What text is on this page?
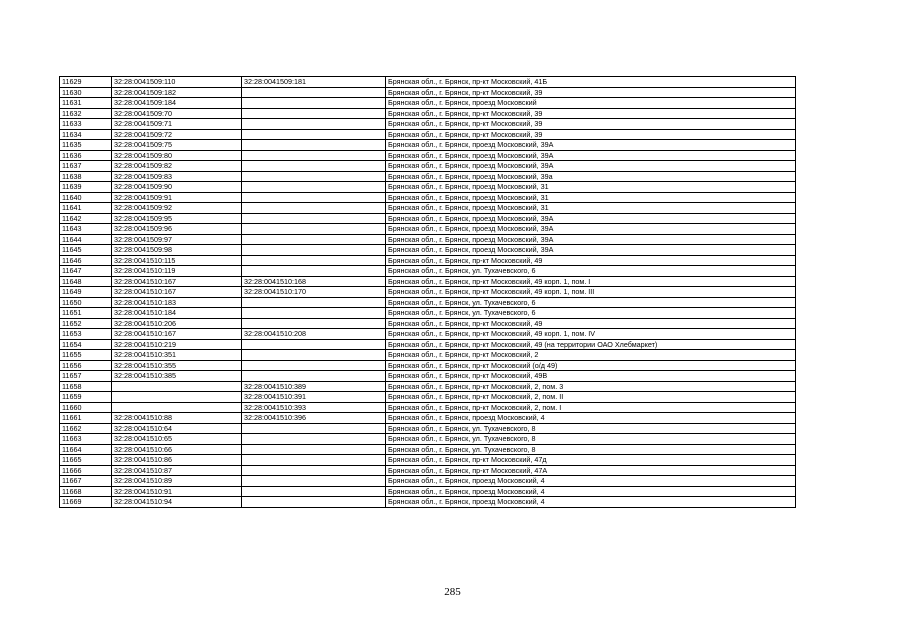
11629	32:28:0041509:110	32:28:0041509:181	Брянская обл., г. Брянск, пр-кт Московский, 41Б
11630	32:28:0041509:182		Брянская обл., г. Брянск, пр-кт Московский, 39
11631	32:28:0041509:184		Брянская обл., г. Брянск, проезд Московский
11632	32:28:0041509:70		Брянская обл., г. Брянск, пр-кт Московский, 39
11633	32:28:0041509:71		Брянская обл., г. Брянск, пр-кт Московский, 39
11634	32:28:0041509:72		Брянская обл., г. Брянск, пр-кт Московский, 39
11635	32:28:0041509:75		Брянская обл., г. Брянск, проезд Московский, 39А
11636	32:28:0041509:80		Брянская обл., г. Брянск, проезд Московский, 39А
11637	32:28:0041509:82		Брянская обл., г. Брянск, проезд Московский, 39А
11638	32:28:0041509:83		Брянская обл., г. Брянск, проезд Московский, 39а
11639	32:28:0041509:90		Брянская обл., г. Брянск, проезд Московский, 31
11640	32:28:0041509:91		Брянская обл., г. Брянск, проезд Московский, 31
11641	32:28:0041509:92		Брянская обл., г. Брянск, проезд Московский, 31
11642	32:28:0041509:95		Брянская обл., г. Брянск, проезд Московский, 39А
11643	32:28:0041509:96		Брянская обл., г. Брянск, проезд Московский, 39А
11644	32:28:0041509:97		Брянская обл., г. Брянск, проезд Московский, 39А
11645	32:28:0041509:98		Брянская обл., г. Брянск, проезд Московский, 39А
11646	32:28:0041510:115		Брянская обл., г. Брянск, пр-кт Московский, 49
11647	32:28:0041510:119		Брянская обл., г. Брянск, ул. Тухачевского, 6
11648	32:28:0041510:167	32:28:0041510:168	Брянская обл., г. Брянск, пр-кт Московский, 49 корп. 1, пом. I
11649	32:28:0041510:167	32:28:0041510:170	Брянская обл., г. Брянск, пр-кт Московский, 49 корп. 1, пом. III
11650	32:28:0041510:183		Брянская обл., г. Брянск, ул. Тухачевского, 6
11651	32:28:0041510:184		Брянская обл., г. Брянск, ул. Тухачевского, 6
11652	32:28:0041510:206		Брянская обл., г. Брянск, пр-кт Московский, 49
11653	32:28:0041510:167	32:28:0041510:208	Брянская обл., г. Брянск, пр-кт Московский, 49 корп. 1, пом. IV
11654	32:28:0041510:219		Брянская обл., г. Брянск, пр-кт Московский, 49 (на территории ОАО Хлебмаркет)
11655	32:28:0041510:351		Брянская обл., г. Брянск, пр-кт Московский, 2
11656	32:28:0041510:355		Брянская обл., г. Брянск, пр-кт Московский (о/д 49)
11657	32:28:0041510:385		Брянская обл., г. Брянск, пр-кт Московский, 49В
11658		32:28:0041510:389	Брянская обл., г. Брянск, пр-кт Московский, 2, пом. 3
11659		32:28:0041510:391	Брянская обл., г. Брянск, пр-кт Московский, 2, пом. II
11660		32:28:0041510:393	Брянская обл., г. Брянск, пр-кт Московский, 2, пом. I
11661	32:28:0041510:88	32:28:0041510:396	Брянская обл., г. Брянск, проезд Московский, 4
11662	32:28:0041510:64		Брянская обл., г. Брянск, ул. Тухачевского, 8
11663	32:28:0041510:65		Брянская обл., г. Брянск, ул. Тухачевского, 8
11664	32:28:0041510:66		Брянская обл., г. Брянск, ул. Тухачевского, 8
11665	32:28:0041510:86		Брянская обл., г. Брянск, пр-кт Московский, 47д
11666	32:28:0041510:87		Брянская обл., г. Брянск, пр-кт Московский, 47А
11667	32:28:0041510:89		Брянская обл., г. Брянск, проезд Московский, 4
11668	32:28:0041510:91		Брянская обл., г. Брянск, проезд Московский, 4
11669	32:28:0041510:94		Брянская обл., г. Брянск, проезд Московский, 4
285
